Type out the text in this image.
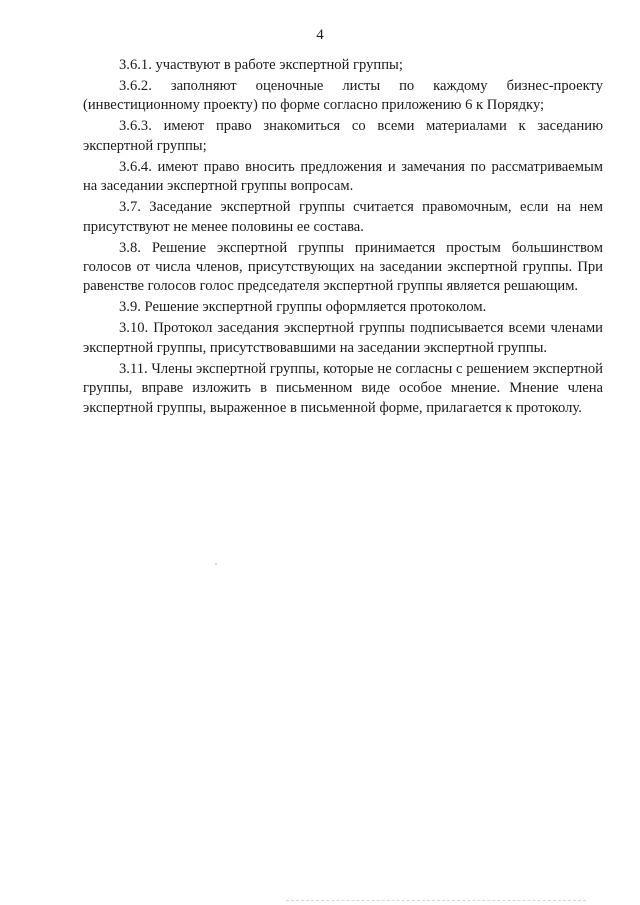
4

3.6.1. участвуют в работе экспертной группы;

3.6.2. заполняют оценочные листы по каждому бизнес-проекту (инвестиционному проекту) по форме согласно приложению 6 к Порядку;

3.6.3. имеют право знакомиться со всеми материалами к заседанию экспертной группы;

3.6.4. имеют право вносить предложения и замечания по рассматриваемым на заседании экспертной группы вопросам.

3.7. Заседание экспертной группы считается правомочным, если на нем присутствуют не менее половины ее состава.

3.8. Решение экспертной группы принимается простым большинством голосов от числа членов, присутствующих на заседании экспертной группы. При равенстве голосов голос председателя экспертной группы является решающим.

3.9. Решение экспертной группы оформляется протоколом.

3.10. Протокол заседания экспертной группы подписывается всеми членами экспертной группы, присутствовавшими на заседании экспертной группы.

3.11. Члены экспертной группы, которые не согласны с решением экспертной группы, вправе изложить в письменном виде особое мнение. Мнение члена экспертной группы, выраженное в письменной форме, прилагается к протоколу.
